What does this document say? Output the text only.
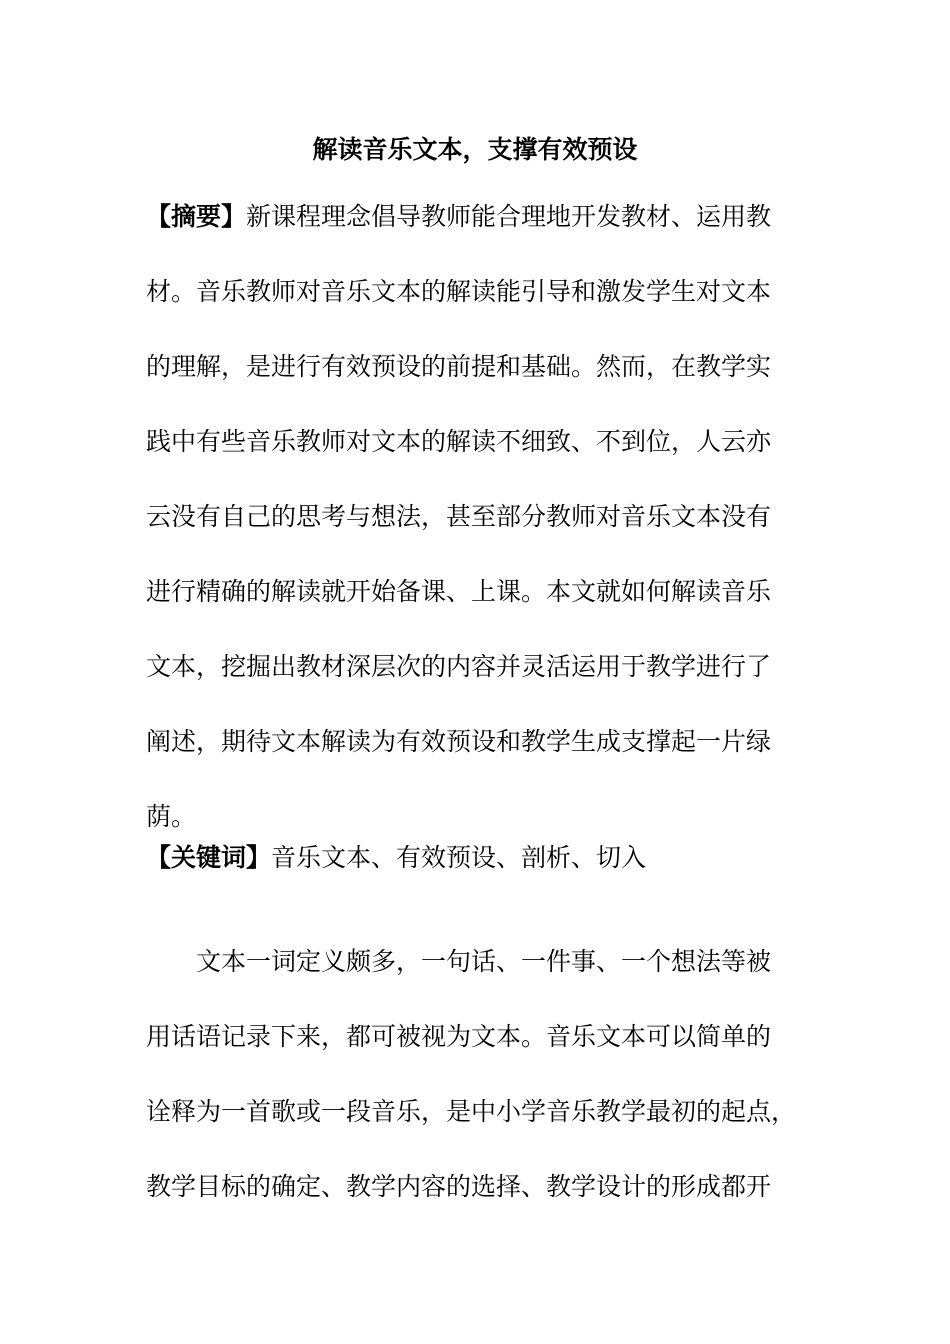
解读音乐文本，支撑有效预设
【摘要】新课程理念倡导教师能合理地开发教材、运用教
材。音乐教师对音乐文本的解读能引导和激发学生对文本
的理解，是进行有效预设的前提和基础。然而，在教学实
践中有些音乐教师对文本的解读不细致、不到位，人云亦
云没有自己的思考与想法，甚至部分教师对音乐文本没有
进行精确的解读就开始备课、上课。本文就如何解读音乐
文本，挖掘出教材深层次的内容并灵活运用于教学进行了
阐述，期待文本解读为有效预设和教学生成支撑起一片绿
荫。
【关键词】音乐文本、有效预设、剖析、切入
文本一词定义颇多，一句话、一件事、一个想法等被
用话语记录下来，都可被视为文本。音乐文本可以简单的
诠释为一首歌或一段音乐，是中小学音乐教学最初的起点，
教学目标的确定、教学内容的选择、教学设计的形成都开
